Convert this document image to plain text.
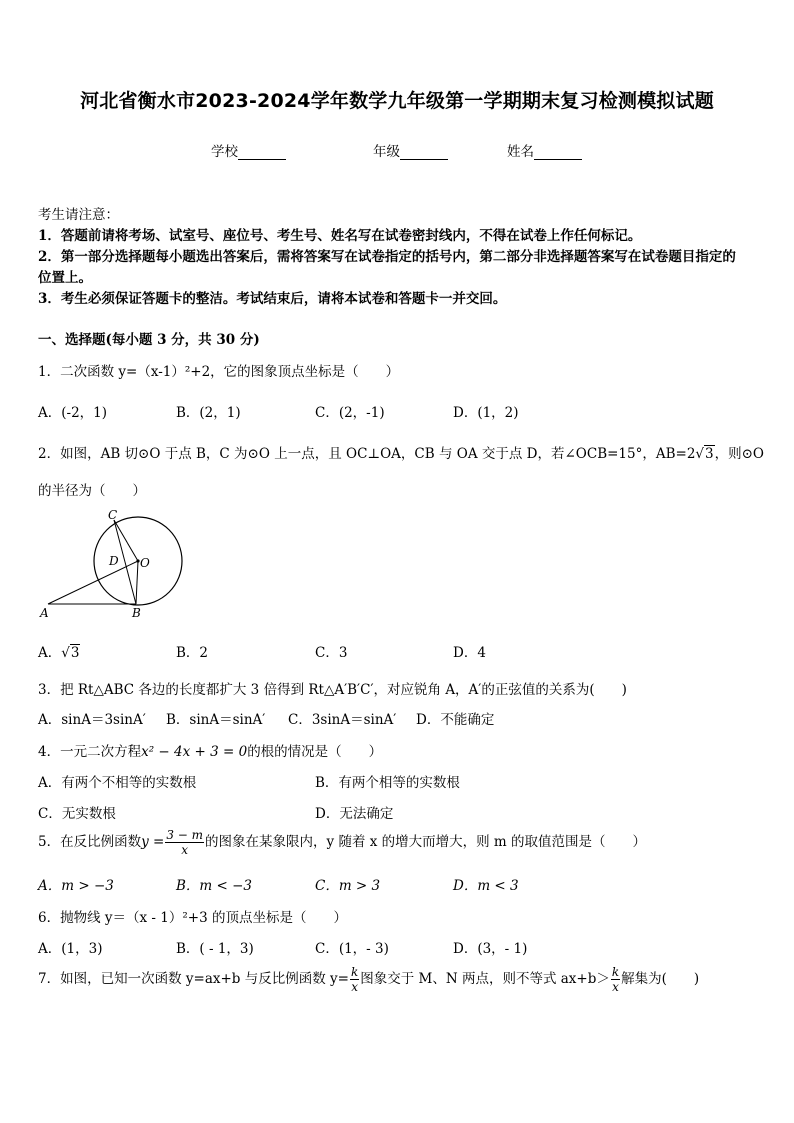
河北省衡水市2023-2024学年数学九年级第一学期期末复习检测模拟试题
学校	年级	姓名
考生请注意：
1．答题前请将考场、试室号、座位号、考生号、姓名写在试卷密封线内，不得在试卷上作任何标记。
2．第一部分选择题每小题选出答案后，需将答案写在试卷指定的括号内，第二部分非选择题答案写在试卷题目指定的
位置上。
3．考生必须保证答题卡的整洁。考试结束后，请将本试卷和答题卡一并交回。
一、选择题(每小题 3 分，共 30 分)
1．二次函数 y=（x-1）²+2，它的图象顶点坐标是（　　）
A．(-2，1)	B．(2，1)	C．(2，-1)	D．(1，2)
2．如图，AB 切⊙O 于点 B，C 为⊙O 上一点，且 OC⊥OA，CB 与 OA 交于点 D，若∠OCB=15°，AB=2√3，则⊙O
的半径为（　　）
C
D O
A	B
A．√3	B．2	C．3	D．4
3．把 Rt△ABC 各边的长度都扩大 3 倍得到 Rt△A′B′C′，对应锐角 A，A′的正弦值的关系为(　　)
A．sinA＝3sinA′ B．sinA＝sinA′ C．3sinA＝sinA′ D．不能确定
4．一元二次方程x² − 4x + 3 = 0的根的情况是（　　）
A．有两个不相等的实数根	B．有两个相等的实数根
C．无实数根	D．无法确定
5．在反比例函数$y = \frac{3 - m}{x}$ 的图象在某象限内，y 随着 x 的增大而增大，则 m 的取值范围是（　　）
A．m > −3	B．m < −3	C．m > 3	D．m < 3
6．抛物线 y＝（x - 1）²+3 的顶点坐标是（　　）
A．(1，3)	B．( - 1，3)	C．(1，- 3)	D．(3，- 1)
7．如图，已知一次函数 y=ax+b 与反比例函数 $y= \frac{k}{x}$ 图象交于 M、N 两点，则不等式 $ax+b> \frac{k}{x}$ 解集为(　　)
